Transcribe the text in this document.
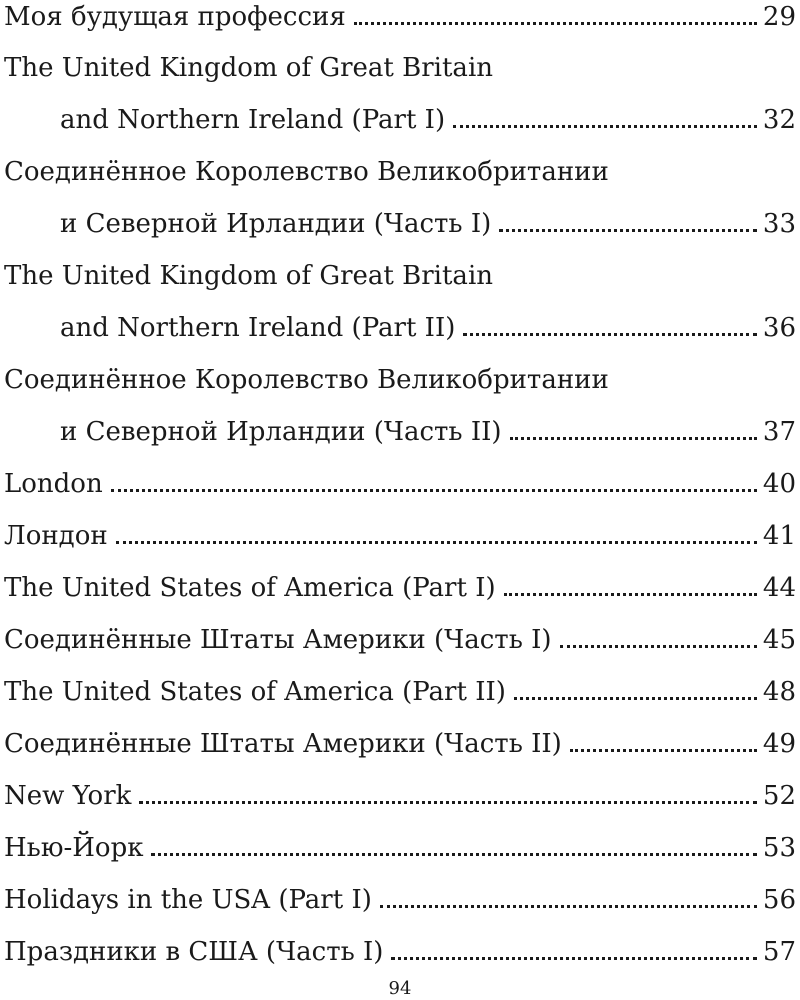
Моя будущая профессия	29
The United Kingdom of Great Britain
and Northern Ireland (Part I)	32
Соединённое Королевство Великобритании
и Северной Ирландии (Часть I)	33
The United Kingdom of Great Britain
and Northern Ireland (Part II)	36
Соединённое Королевство Великобритании
и Северной Ирландии (Часть II)	37
London	40
Лондон	41
The United States of America (Part I)	44
Соединённые Штаты Америки (Часть I)	45
The United States of America (Part II)	48
Соединённые Штаты Америки (Часть II)	49
New York	52
Нью-Йорк	53
Holidays in the USA (Part I)	56
Праздники в США (Часть I)	57
94
